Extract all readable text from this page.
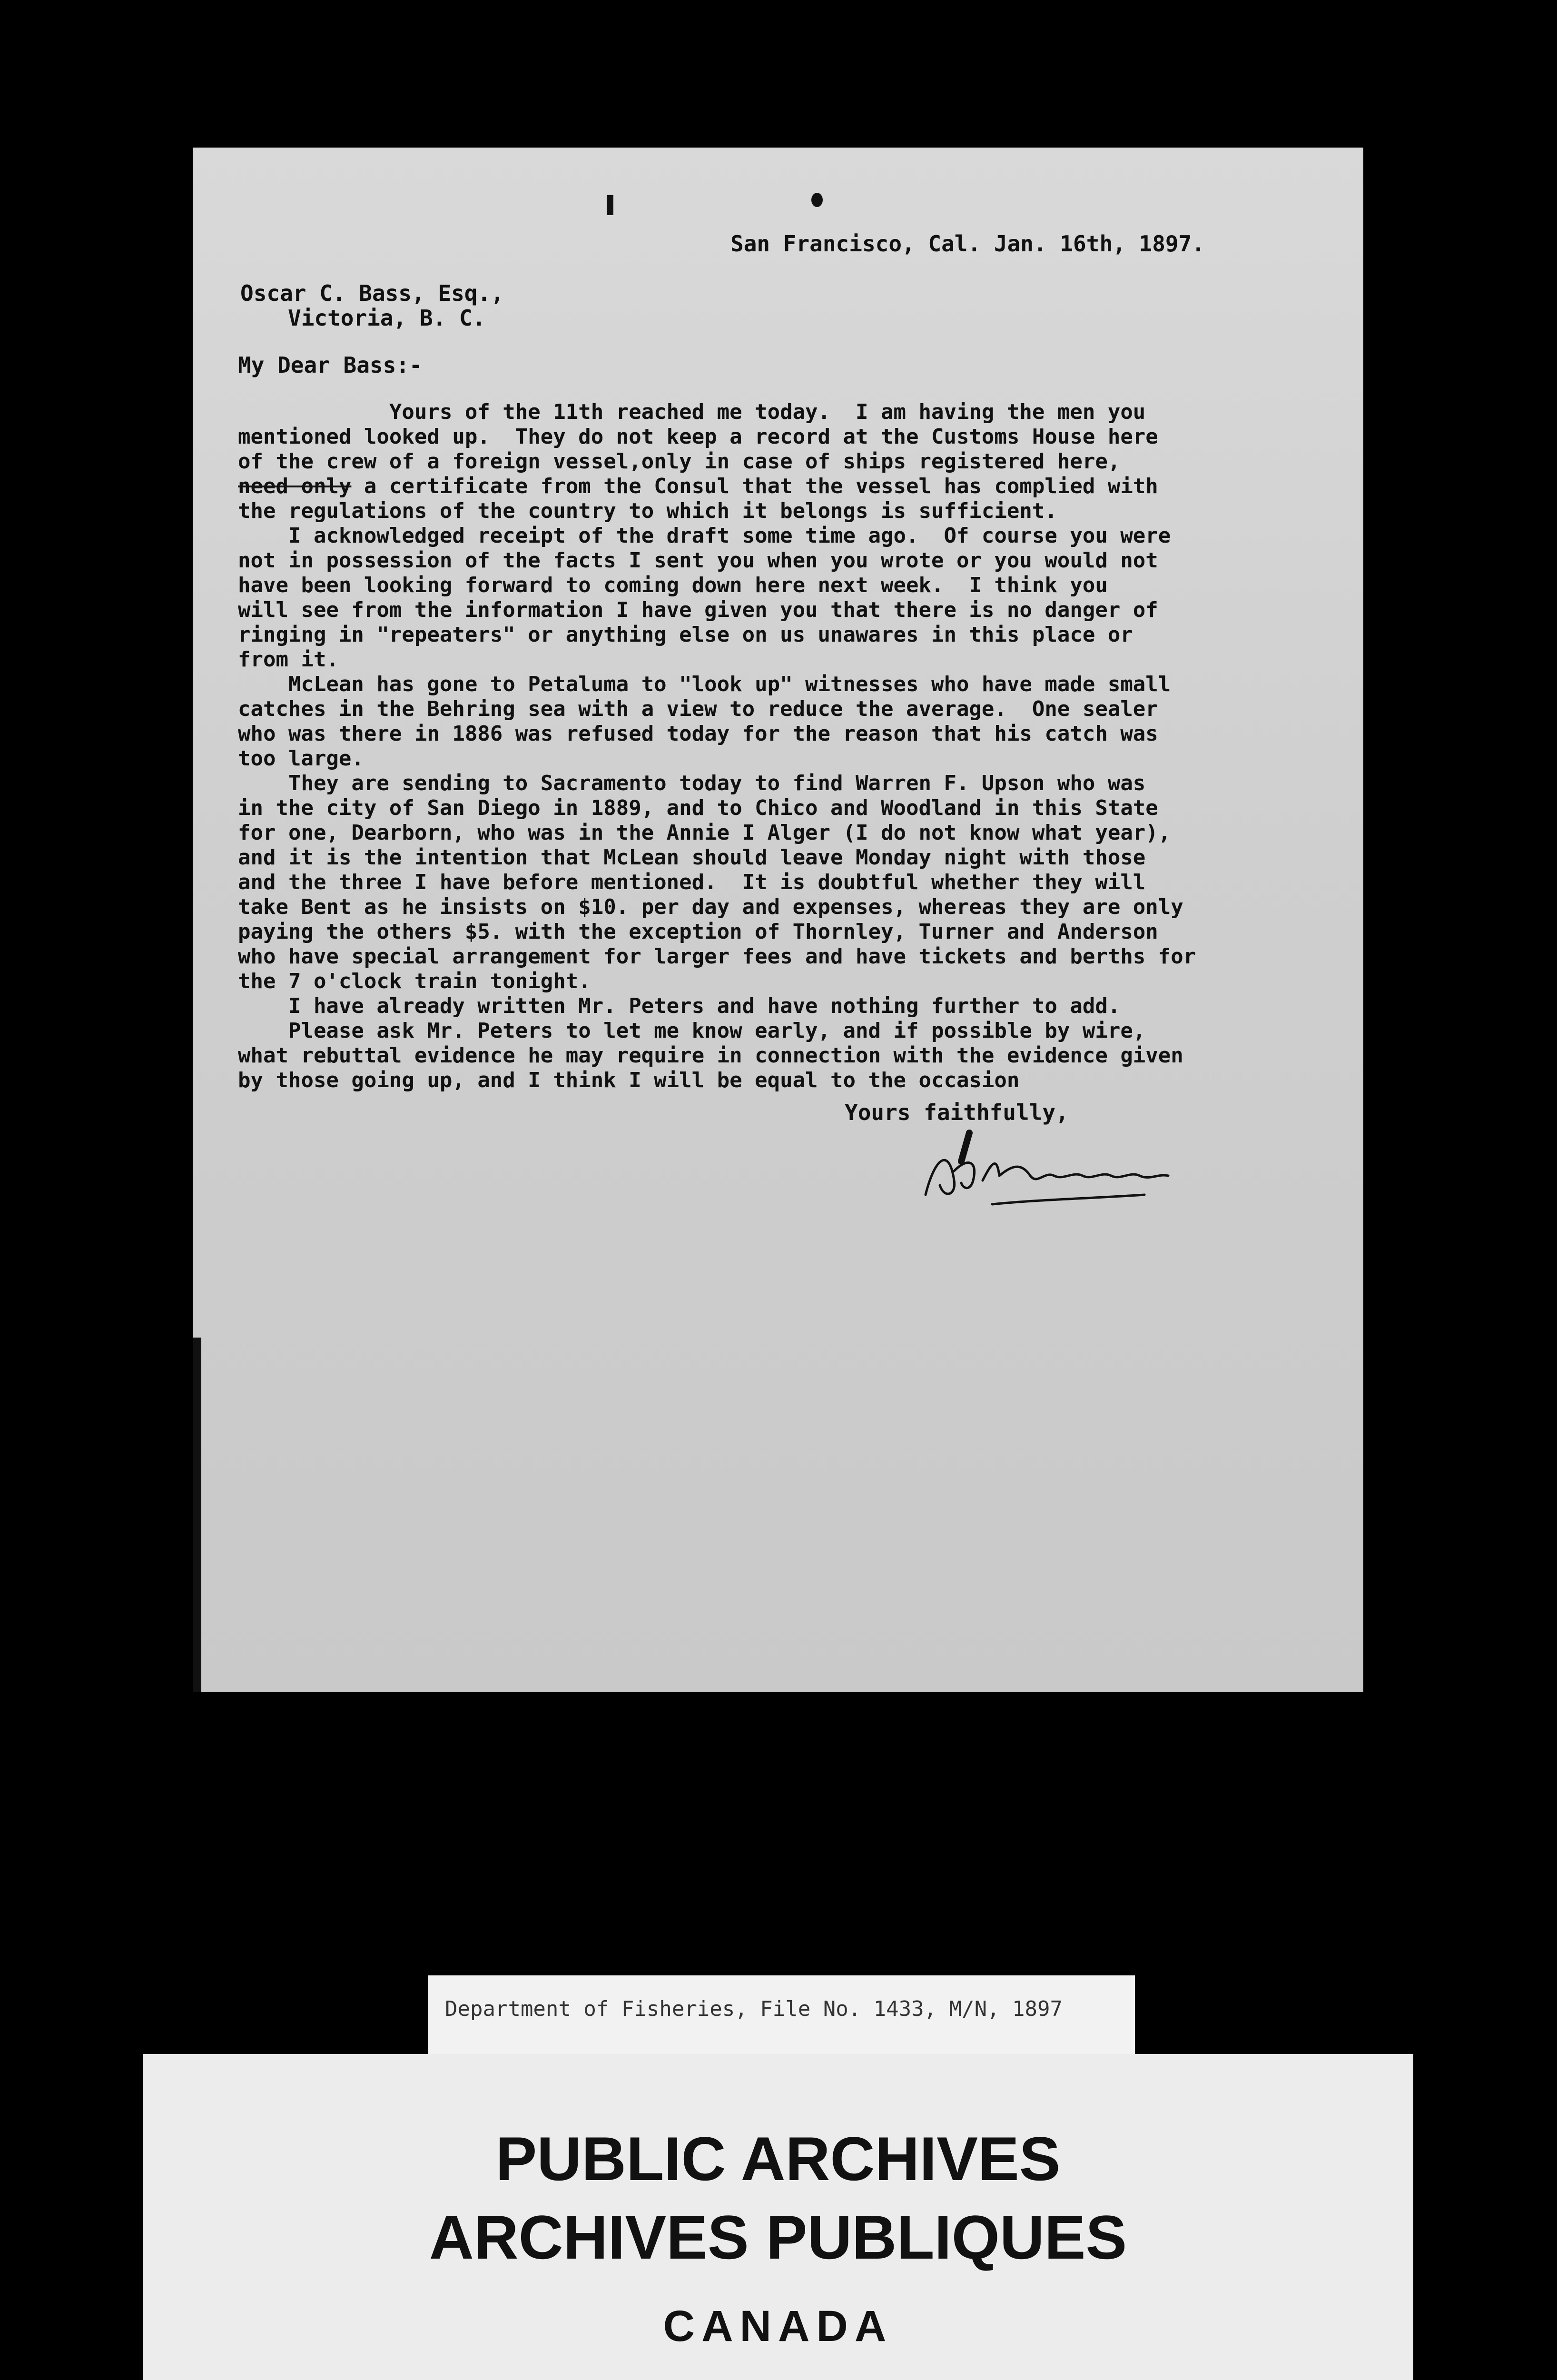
San Francisco, Cal. Jan. 16th, 1897.
Oscar C. Bass, Esq.,
Victoria, B. C.
My Dear Bass:-
Yours of the 11th reached me today.  I am having the men you
mentioned looked up.  They do not keep a record at the Customs House here
of the crew of a foreign vessel,only in case of ships registered here,
need only a certificate from the Consul that the vessel has complied with
the regulations of the country to which it belongs is sufficient.
I acknowledged receipt of the draft some time ago.  Of course you were
not in possession of the facts I sent you when you wrote or you would not
have been looking forward to coming down here next week.  I think you
will see from the information I have given you that there is no danger of
ringing in "repeaters" or anything else on us unawares in this place or
from it.
McLean has gone to Petaluma to "look up" witnesses who have made small
catches in the Behring sea with a view to reduce the average.  One sealer
who was there in 1886 was refused today for the reason that his catch was
too large.
They are sending to Sacramento today to find Warren F. Upson who was
in the city of San Diego in 1889, and to Chico and Woodland in this State
for one, Dearborn, who was in the Annie I Alger (I do not know what year),
and it is the intention that McLean should leave Monday night with those
and the three I have before mentioned.  It is doubtful whether they will
take Bent as he insists on $10. per day and expenses, whereas they are only
paying the others $5. with the exception of Thornley, Turner and Anderson
who have special arrangement for larger fees and have tickets and berths for
the 7 o'clock train tonight.
I have already written Mr. Peters and have nothing further to add.
Please ask Mr. Peters to let me know early, and if possible by wire,
what rebuttal evidence he may require in connection with the evidence given
by those going up, and I think I will be equal to the occasion
Yours faithfully,
Department of Fisheries, File No. 1433, M/N, 1897
PUBLIC ARCHIVES
ARCHIVES PUBLIQUES
CANADA
